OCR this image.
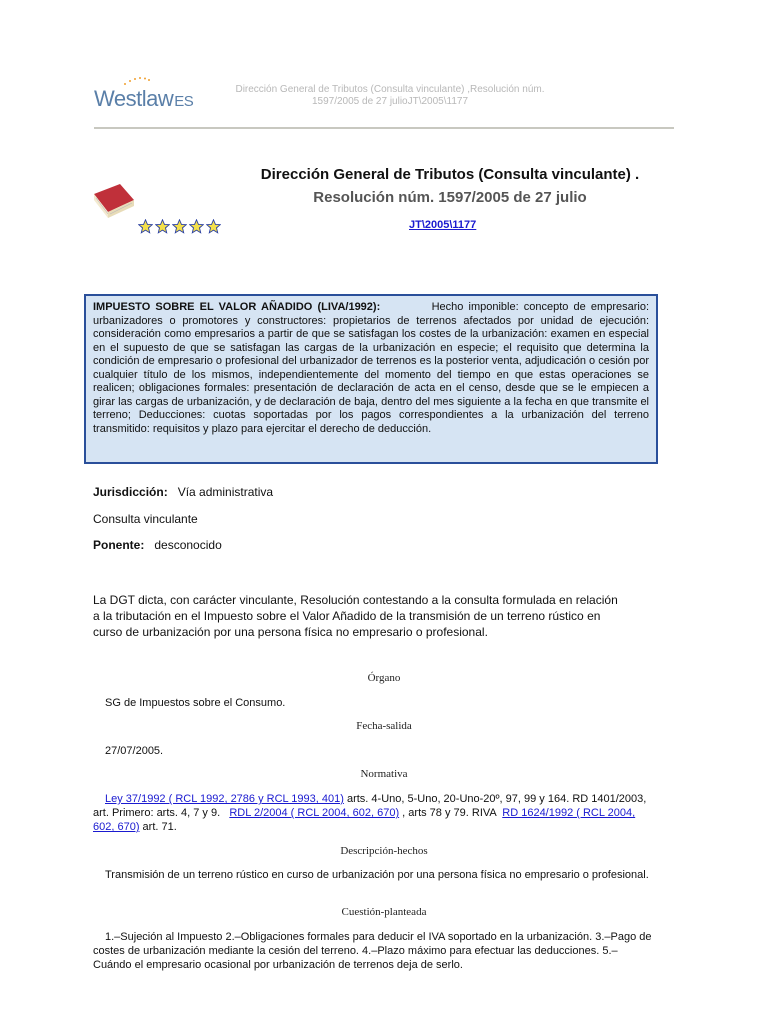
WestlawES
Dirección General de Tributos (Consulta vinculante) ,Resolución núm.
1597/2005 de 27 julioJT\2005\1177
Dirección General de Tributos (Consulta vinculante) .
Resolución núm. 1597/2005 de 27 julio
JT\2005\1177
IMPUESTO SOBRE EL VALOR AÑADIDO (LIVA/1992):	Hecho imponible: concepto de empresario: urbanizadores o promotores y constructores: propietarios de terrenos afectados por unidad de ejecución: consideración como empresarios a partir de que se satisfagan los costes de la urbanización: examen en especial en el supuesto de que se satisfagan las cargas de la urbanización en especie; el requisito que determina la condición de empresario o profesional del urbanizador de terrenos es la posterior venta, adjudicación o cesión por cualquier título de los mismos, independientemente del momento del tiempo en que estas operaciones se realicen; obligaciones formales: presentación de declaración de acta en el censo, desde que se le empiecen a girar las cargas de urbanización, y de declaración de baja, dentro del mes siguiente a la fecha en que transmite el terreno; Deducciones: cuotas soportadas por los pagos correspondientes a la urbanización del terreno transmitido: requisitos y plazo para ejercitar el derecho de deducción.
Jurisdicción: Vía administrativa
Consulta vinculante
Ponente: desconocido
La DGT dicta, con carácter vinculante, Resolución contestando a la consulta formulada en relación a la tributación en el Impuesto sobre el Valor Añadido de la transmisión de un terreno rústico en curso de urbanización por una persona física no empresario o profesional.
Órgano
SG de Impuestos sobre el Consumo.
Fecha-salida
27/07/2005.
Normativa
Ley 37/1992 ( RCL 1992, 2786 y RCL 1993, 401) arts. 4-Uno, 5-Uno, 20-Uno-20º, 97, 99 y 164. RD 1401/2003, art. Primero: arts. 4, 7 y 9. RDL 2/2004 ( RCL 2004, 602, 670) , arts 78 y 79. RIVA  RD 1624/1992 ( RCL 2004, 602, 670) art. 71.
Descripción-hechos
Transmisión de un terreno rústico en curso de urbanización por una persona física no empresario o profesional.
Cuestión-planteada
1.–Sujeción al Impuesto 2.–Obligaciones formales para deducir el IVA soportado en la urbanización. 3.–Pago de costes de urbanización mediante la cesión del terreno. 4.–Plazo máximo para efectuar las deducciones. 5.–Cuándo el empresario ocasional por urbanización de terrenos deja de serlo.
